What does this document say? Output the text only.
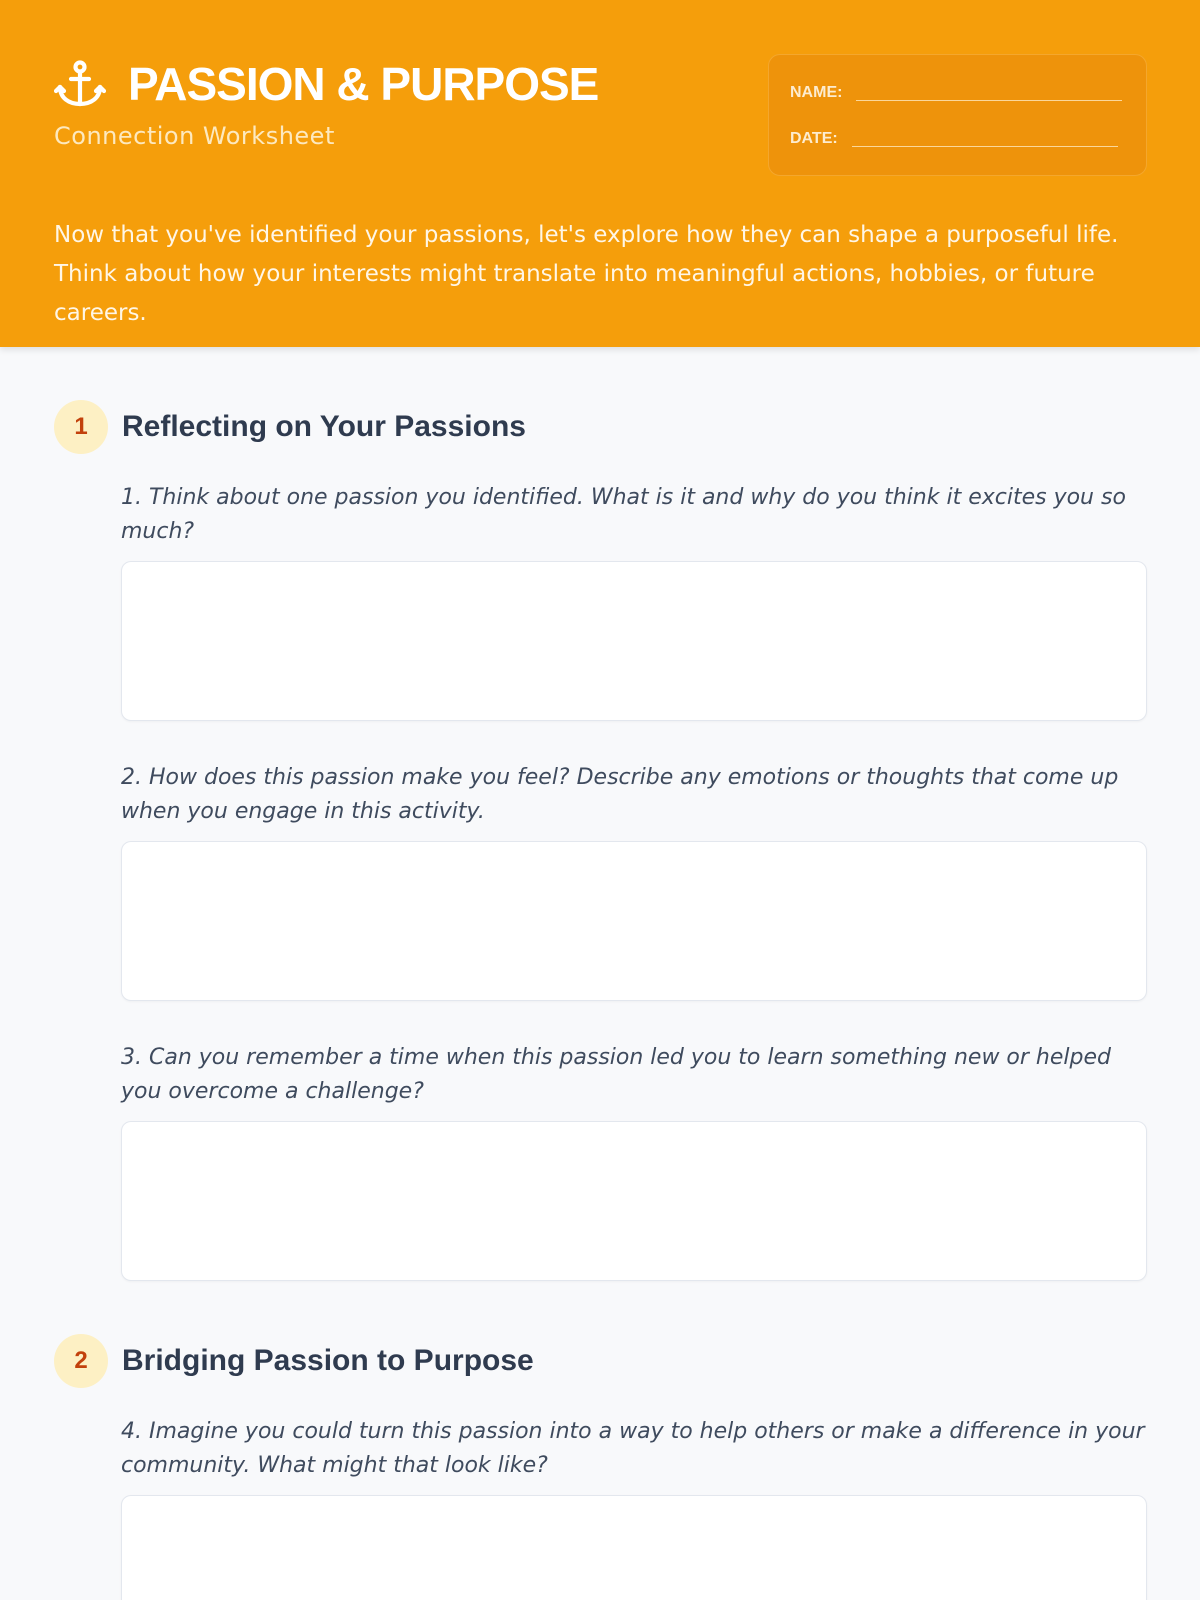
PASSION & PURPOSE
Connection Worksheet
NAME:
DATE:

Now that you've identified your passions, let's explore how they can shape a purposeful life. Think about how your interests might translate into meaningful actions, hobbies, or future careers.

1	Reflecting on Your Passions

1. Think about one passion you identified. What is it and why do you think it excites you so much?

2. How does this passion make you feel? Describe any emotions or thoughts that come up when you engage in this activity.

3. Can you remember a time when this passion led you to learn something new or helped you overcome a challenge?

2	Bridging Passion to Purpose

4. Imagine you could turn this passion into a way to help others or make a difference in your community. What might that look like?
